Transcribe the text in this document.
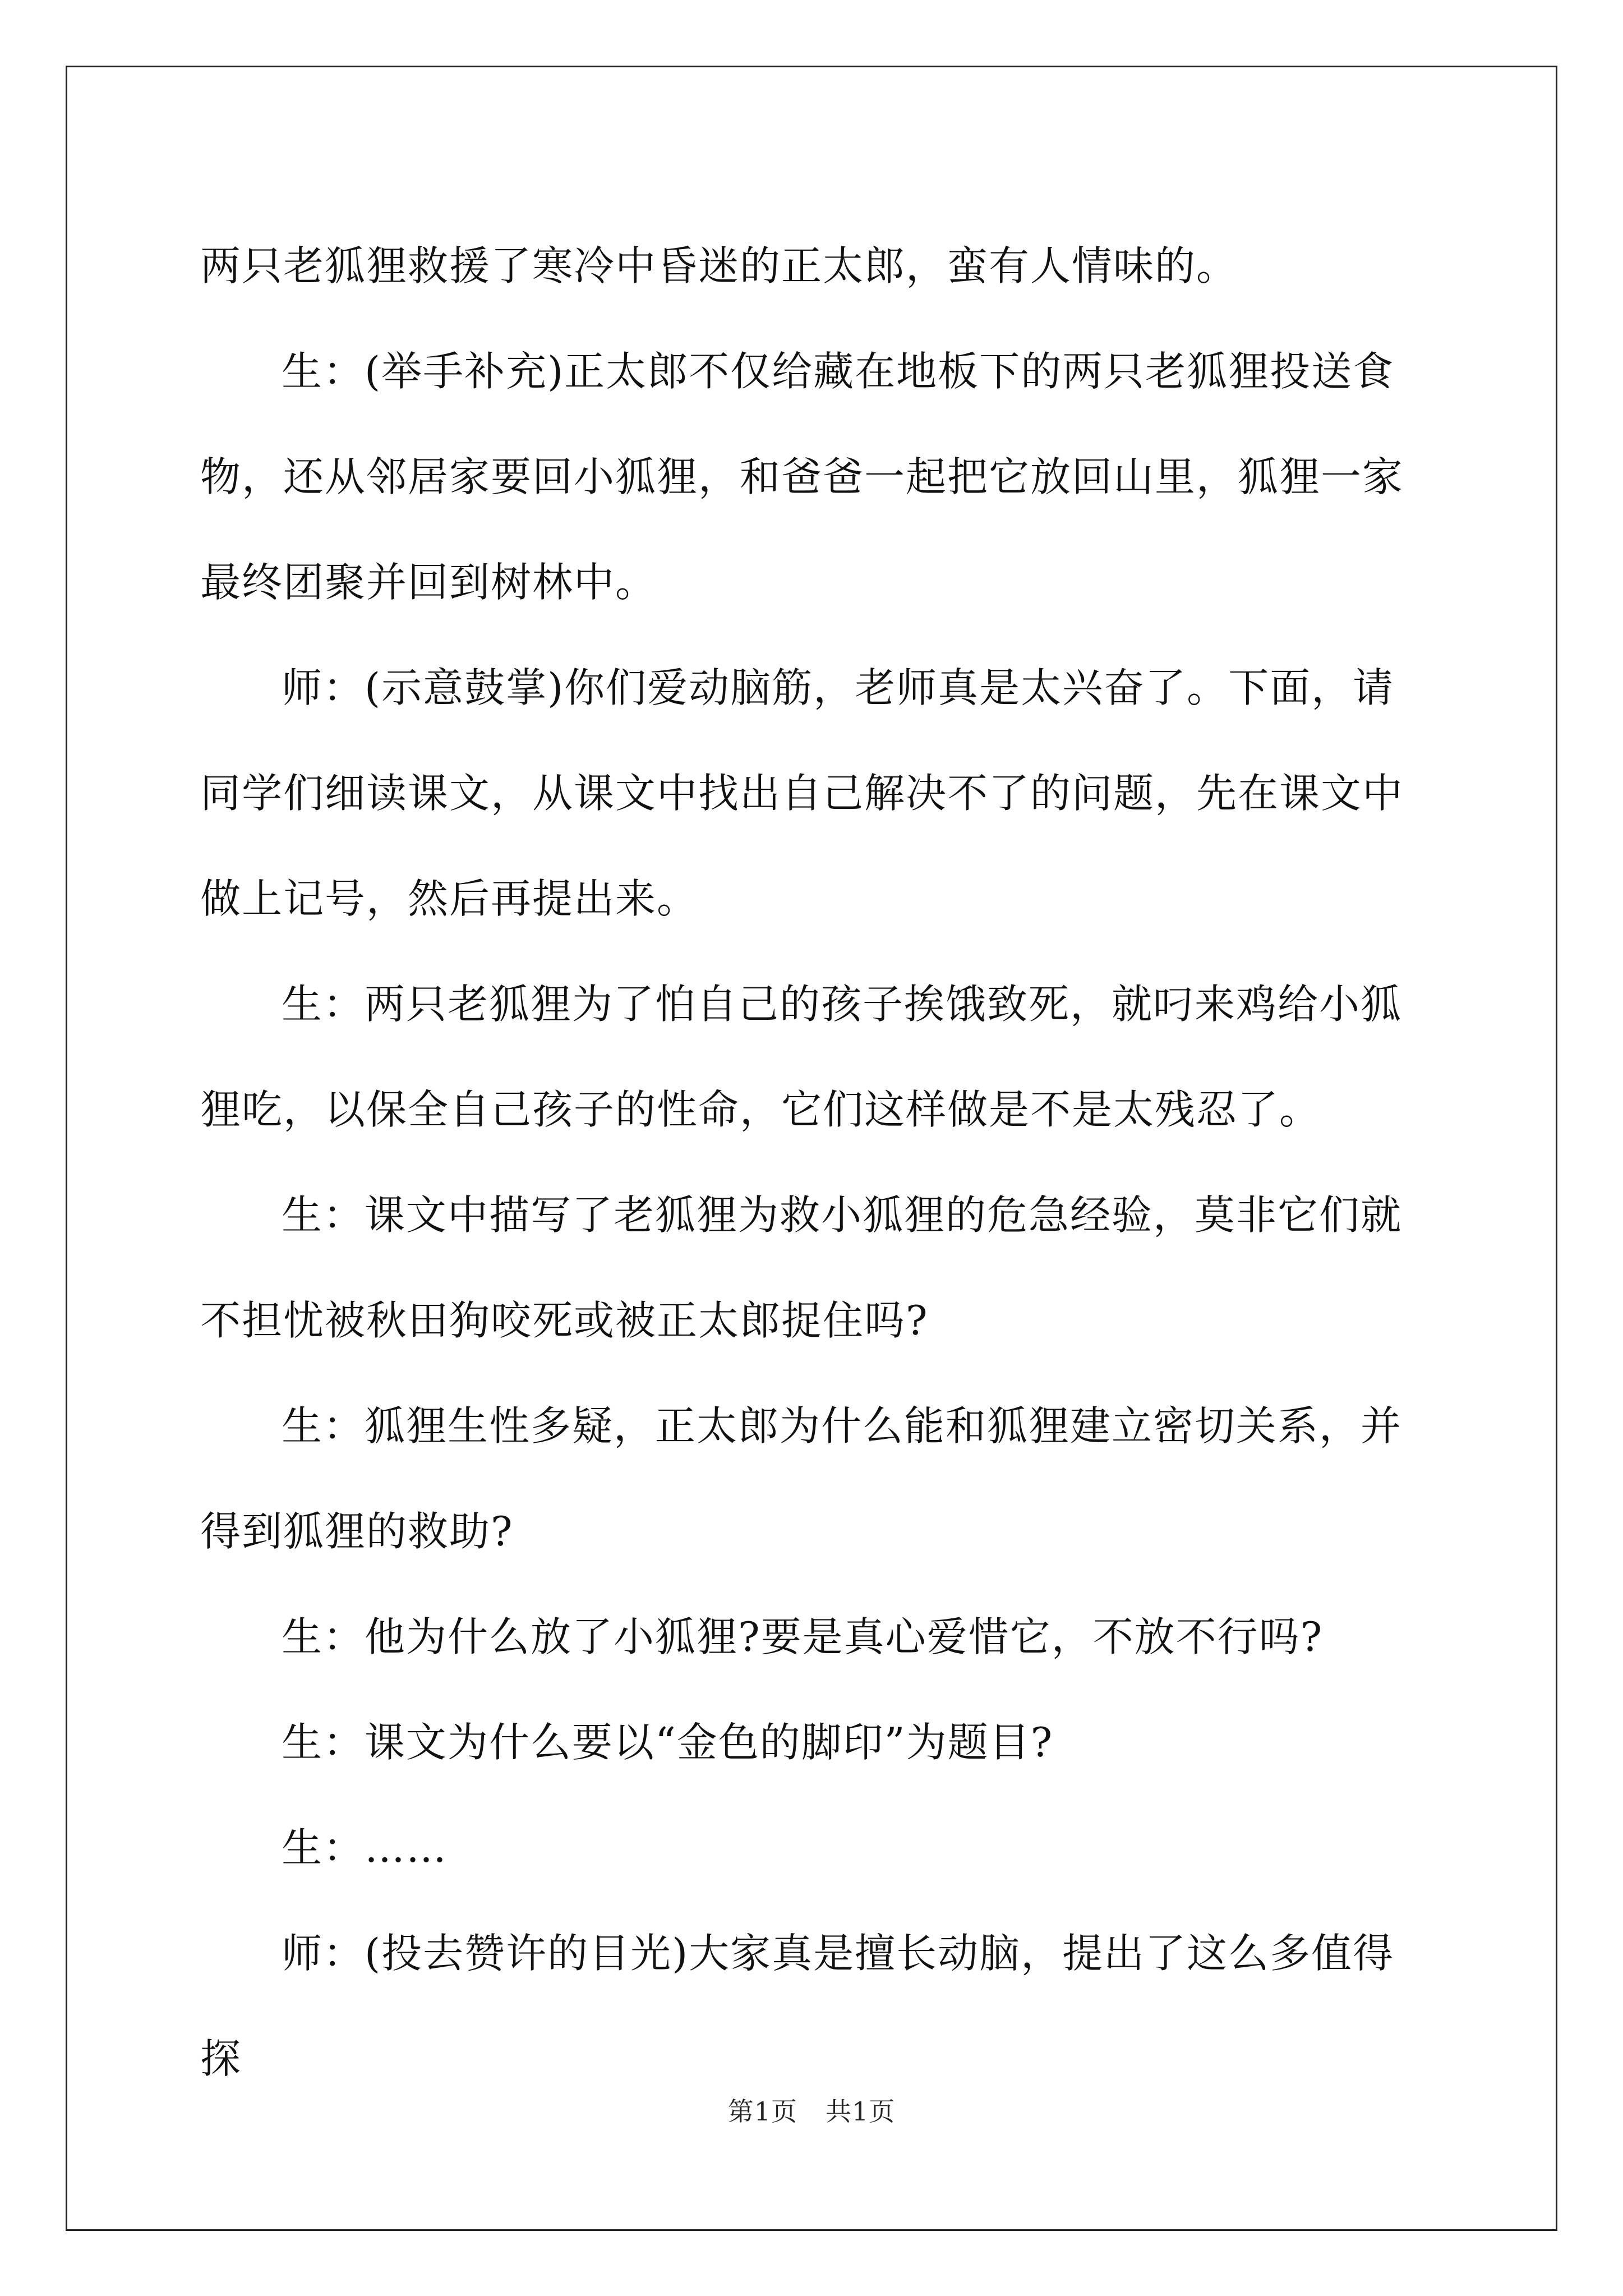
两只老狐狸救援了寒冷中昏迷的正太郎，蛮有人情味的。

生：(举手补充)正太郎不仅给藏在地板下的两只老狐狸投送食物，还从邻居家要回小狐狸，和爸爸一起把它放回山里，狐狸一家最终团聚并回到树林中。

师：(示意鼓掌)你们爱动脑筋，老师真是太兴奋了。下面，请同学们细读课文，从课文中找出自己解决不了的问题，先在课文中做上记号，然后再提出来。

生：两只老狐狸为了怕自己的孩子挨饿致死，就叼来鸡给小狐狸吃，以保全自己孩子的性命，它们这样做是不是太残忍了。

生：课文中描写了老狐狸为救小狐狸的危急经验，莫非它们就不担忧被秋田狗咬死或被正太郎捉住吗?

生：狐狸生性多疑，正太郎为什么能和狐狸建立密切关系，并得到狐狸的救助?

生：他为什么放了小狐狸?要是真心爱惜它，不放不行吗?

生：课文为什么要以“金色的脚印”为题目?

生：……

师：(投去赞许的目光)大家真是擅长动脑，提出了这么多值得探

第1页 共1页
